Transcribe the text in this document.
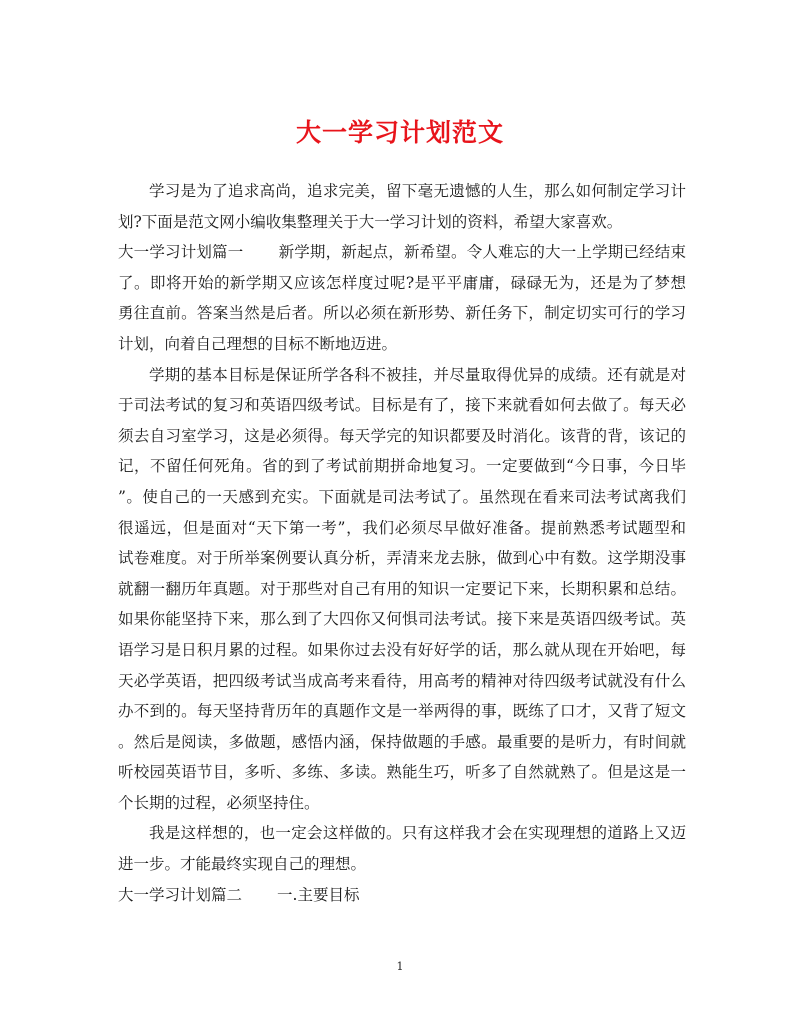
大一学习计划范文
学习是为了追求高尚，追求完美，留下毫无遗憾的人生，那么如何制定学习计
划?下面是范文网小编收集整理关于大一学习计划的资料，希望大家喜欢。
大一学习计划篇一 新学期，新起点，新希望。令人难忘的大一上学期已经结束
了。即将开始的新学期又应该怎样度过呢?是平平庸庸，碌碌无为，还是为了梦想
勇往直前。答案当然是后者。所以必须在新形势、新任务下，制定切实可行的学习
计划，向着自己理想的目标不断地迈进。
学期的基本目标是保证所学各科不被挂，并尽量取得优异的成绩。还有就是对
于司法考试的复习和英语四级考试。目标是有了，接下来就看如何去做了。每天必
须去自习室学习，这是必须得。每天学完的知识都要及时消化。该背的背，该记的
记，不留任何死角。省的到了考试前期拼命地复习。一定要做到“今日事，今日毕
”。使自己的一天感到充实。下面就是司法考试了。虽然现在看来司法考试离我们
很遥远，但是面对“天下第一考”，我们必须尽早做好准备。提前熟悉考试题型和
试卷难度。对于所举案例要认真分析，弄清来龙去脉，做到心中有数。这学期没事
就翻一翻历年真题。对于那些对自己有用的知识一定要记下来，长期积累和总结。
如果你能坚持下来，那么到了大四你又何惧司法考试。接下来是英语四级考试。英
语学习是日积月累的过程。如果你过去没有好好学的话，那么就从现在开始吧，每
天必学英语，把四级考试当成高考来看待，用高考的精神对待四级考试就没有什么
办不到的。每天坚持背历年的真题作文是一举两得的事，既练了口才，又背了短文
。然后是阅读，多做题，感悟内涵，保持做题的手感。最重要的是听力，有时间就
听校园英语节目，多听、多练、多读。熟能生巧，听多了自然就熟了。但是这是一
个长期的过程，必须坚持住。
我是这样想的，也一定会这样做的。只有这样我才会在实现理想的道路上又迈
进一步。才能最终实现自己的理想。
大一学习计划篇二 一.主要目标
1
